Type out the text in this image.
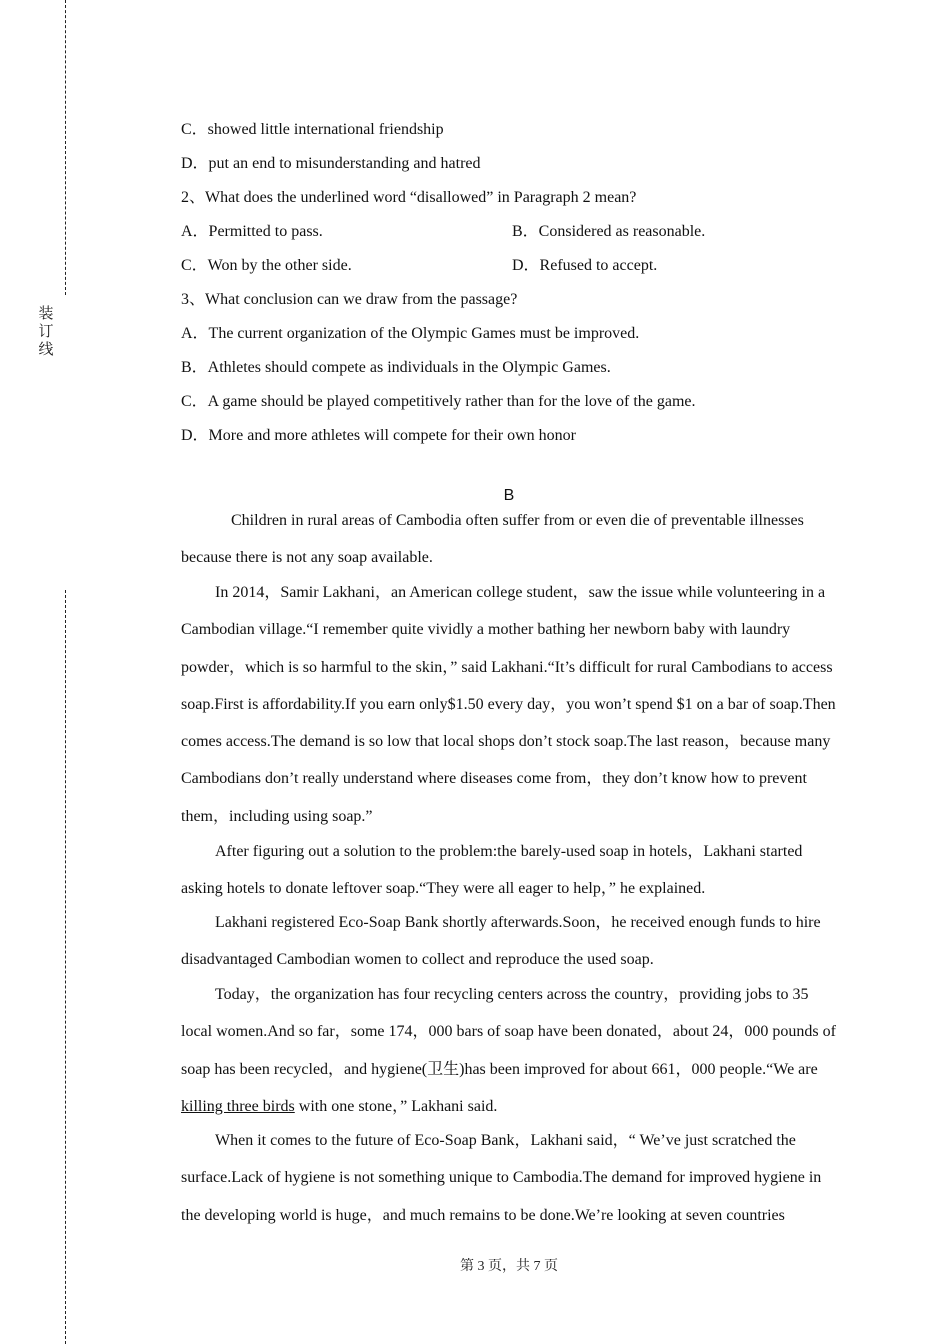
装
订
线
C．showed little international friendship
D．put an end to misunderstanding and hatred
2、What does the underlined word “disallowed” in Paragraph 2 mean?
A．Permitted to pass.	B．Considered as reasonable.
C．Won by the other side.	D．Refused to accept.
3、What conclusion can we draw from the passage?
A．The current organization of the Olympic Games must be improved.
B．Athletes should compete as individuals in the Olympic Games.
C．A game should be played competitively rather than for the love of the game.
D．More and more athletes will compete for their own honor
B

Children in rural areas of Cambodia often suffer from or even die of preventable illnesses because there is not any soap available.

In 2014，Samir Lakhani，an American college student，saw the issue while volunteering in a Cambodian village.“I remember quite vividly a mother bathing her newborn baby with laundry powder，which is so harmful to the skin，” said Lakhani.“It’s difficult for rural Cambodians to access soap.First is affordability.If you earn only$1.50 every day，you won’t spend $1 on a bar of soap.Then comes access.The demand is so low that local shops don’t stock soap.The last reason，because many Cambodians don’t really understand where diseases come from，they don’t know how to prevent them，including using soap.”

After figuring out a solution to the problem:the barely-used soap in hotels，Lakhani started asking hotels to donate leftover soap.“They were all eager to help，” he explained.

Lakhani registered Eco-Soap Bank shortly afterwards.Soon，he received enough funds to hire disadvantaged Cambodian women to collect and reproduce the used soap.

Today，the organization has four recycling centers across the country，providing jobs to 35 local women.And so far，some 174，000 bars of soap have been donated，about 24，000 pounds of soap has been recycled，and hygiene(卫生)has been improved for about 661，000 people.“We are killing three birds with one stone，” Lakhani said.

When it comes to the future of Eco-Soap Bank，Lakhani said，“ We’ve just scratched the surface.Lack of hygiene is not something unique to Cambodia.The demand for improved hygiene in the developing world is huge，and much remains to be done.We’re looking at seven countries

第 3 页，共 7 页
